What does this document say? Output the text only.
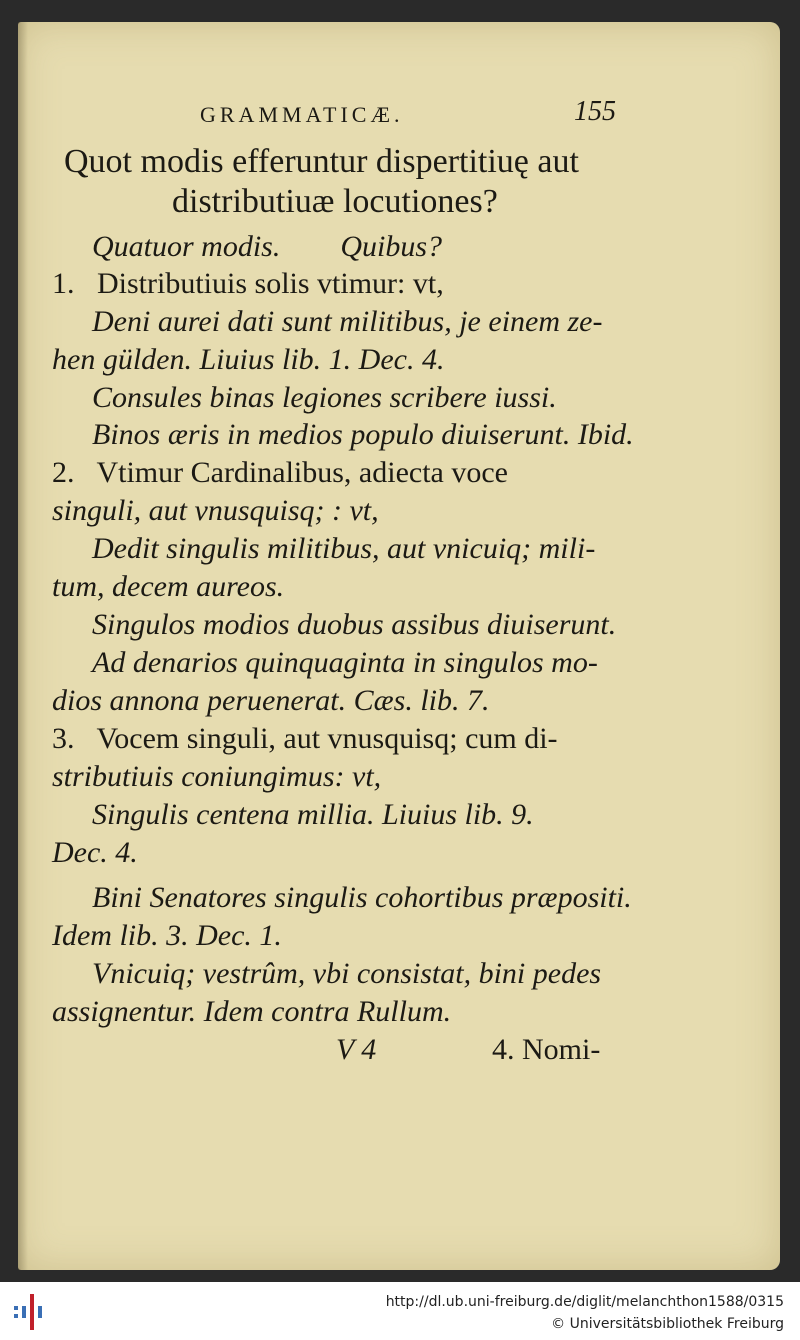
GRAMMATICÆ.	155

Quot modis efferuntur dispertitiuę aut

distributiuæ locutiones?

Quatuor modis.        Quibus?

1.   Distributiuis solis vtimur: vt,

Deni aurei dati sunt militibus, je einem ze-

hen gülden. Liuius lib. 1. Dec. 4.

Consules binas legiones scribere iussi.

Binos æris in medios populo diuiserunt. Ibid.

2.   Vtimur Cardinalibus, adiecta voce

singuli, aut vnusquisq; : vt,

Dedit singulis militibus, aut vnicuiq; mili-

tum, decem aureos.

Singulos modios duobus assibus diuiserunt.

Ad denarios quinquaginta in singulos mo-

dios annona peruenerat. Cæs. lib. 7.

3.   Vocem singuli, aut vnusquisq; cum di-

stributiuis coniungimus: vt,

Singulis centena millia. Liuius lib. 9.

Dec. 4.

Bini Senatores singulis cohortibus præpositi.

Idem lib. 3. Dec. 1.

Vnicuiq; vestrûm, vbi consistat, bini pedes

assignentur. Idem contra Rullum.

V 4	4. Nomi-

http://dl.ub.uni-freiburg.de/diglit/melanchthon1588/0315
© Universitätsbibliothek Freiburg
